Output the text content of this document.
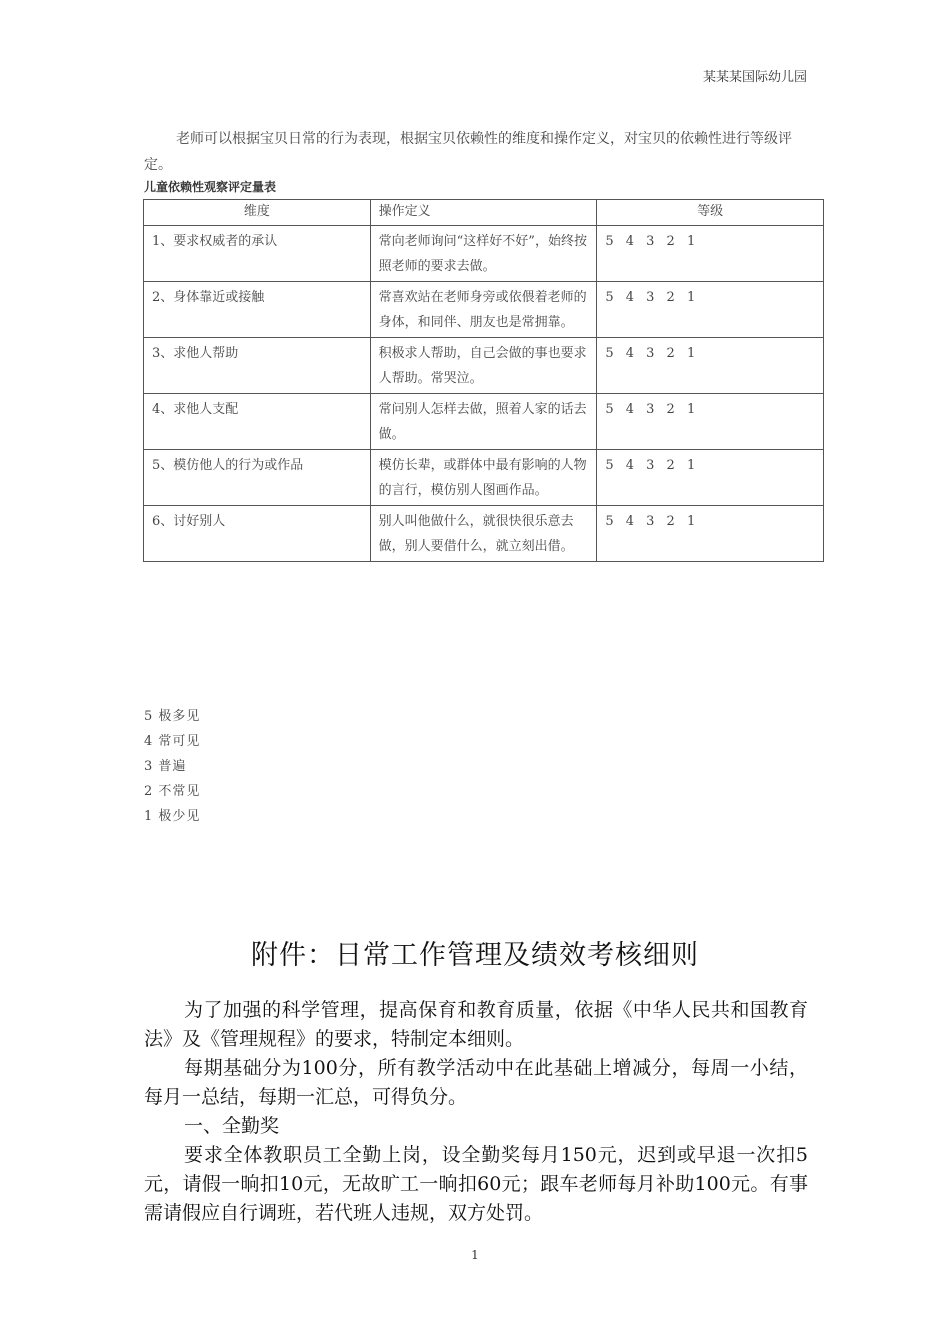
某某某国际幼儿园
老师可以根据宝贝日常的行为表现，根据宝贝依赖性的维度和操作定义，对宝贝的依赖性进行等级评定。
儿童依赖性观察评定量表
维度	操作定义	等级
1、要求权威者的承认	常向老师询问“这样好不好”，始终按照老师的要求去做。	5 4 3 2 1
2、身体靠近或接触	常喜欢站在老师身旁或依偎着老师的身体，和同伴、朋友也是常拥靠。	5 4 3 2 1
3、求他人帮助	积极求人帮助，自己会做的事也要求人帮助。常哭泣。	5 4 3 2 1
4、求他人支配	常问别人怎样去做，照着人家的话去做。	5 4 3 2 1
5、模仿他人的行为或作品	模仿长辈，或群体中最有影响的人物的言行，模仿别人图画作品。	5 4 3 2 1
6、讨好别人	别人叫他做什么，就很快很乐意去做，别人要借什么，就立刻出借。	5 4 3 2 1
5 极多见
4 常可见
3 普遍
2 不常见
1 极少见
附件：日常工作管理及绩效考核细则

为了加强的科学管理，提高保育和教育质量，依据《中华人民共和国教育法》及《管理规程》的要求，特制定本细则。

每期基础分为100分，所有教学活动中在此基础上增减分，每周一小结，每月一总结，每期一汇总，可得负分。

一、全勤奖

要求全体教职员工全勤上岗，设全勤奖每月150元，迟到或早退一次扣5元，请假一晌扣10元，无故旷工一晌扣60元；跟车老师每月补助100元。有事需请假应自行调班，若代班人违规，双方处罚。

1
